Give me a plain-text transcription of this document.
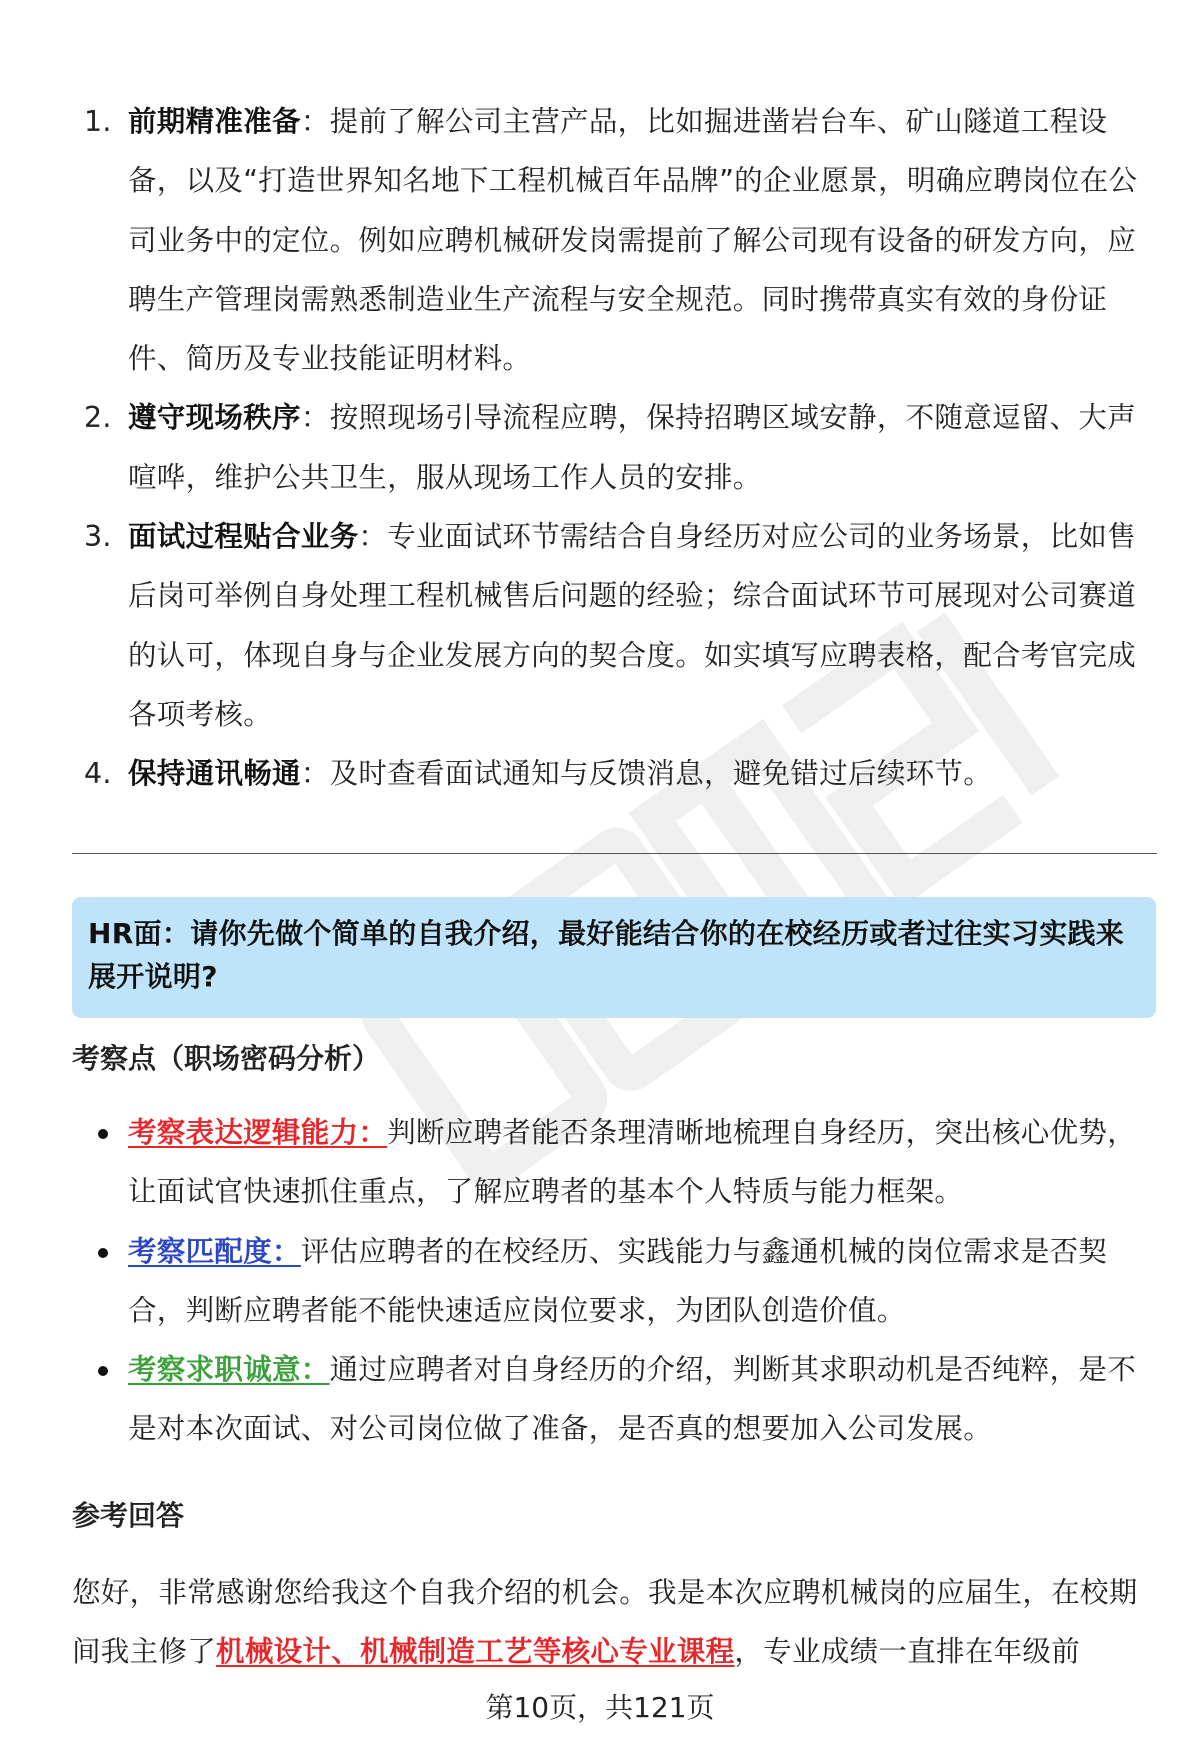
1. 前期精准准备：提前了解公司主营产品，比如掘进凿岩台车、矿山隧道工程设备，以及“打造世界知名地下工程机械百年品牌”的企业愿景，明确应聘岗位在公司业务中的定位。例如应聘机械研发岗需提前了解公司现有设备的研发方向，应聘生产管理岗需熟悉制造业生产流程与安全规范。同时携带真实有效的身份证件、简历及专业技能证明材料。
2. 遵守现场秩序：按照现场引导流程应聘，保持招聘区域安静，不随意逗留、大声喧哗，维护公共卫生，服从现场工作人员的安排。
3. 面试过程贴合业务：专业面试环节需结合自身经历对应公司的业务场景，比如售后岗可举例自身处理工程机械售后问题的经验；综合面试环节可展现对公司赛道的认可，体现自身与企业发展方向的契合度。如实填写应聘表格，配合考官完成各项考核。
4. 保持通讯畅通：及时查看面试通知与反馈消息，避免错过后续环节。
HR面：请你先做个简单的自我介绍，最好能结合你的在校经历或者过往实习实践来展开说明?
考察点（职场密码分析）
考察表达逻辑能力：判断应聘者能否条理清晰地梳理自身经历，突出核心优势，让面试官快速抓住重点，了解应聘者的基本个人特质与能力框架。
考察匹配度：评估应聘者的在校经历、实践能力与鑫通机械的岗位需求是否契合，判断应聘者能不能快速适应岗位要求，为团队创造价值。
考察求职诚意：通过应聘者对自身经历的介绍，判断其求职动机是否纯粹，是不是对本次面试、对公司岗位做了准备，是否真的想要加入公司发展。
参考回答
您好，非常感谢您给我这个自我介绍的机会。我是本次应聘机械岗的应届生，在校期间我主修了机械设计、机械制造工艺等核心专业课程，专业成绩一直排在年级前
第10页，共121页
